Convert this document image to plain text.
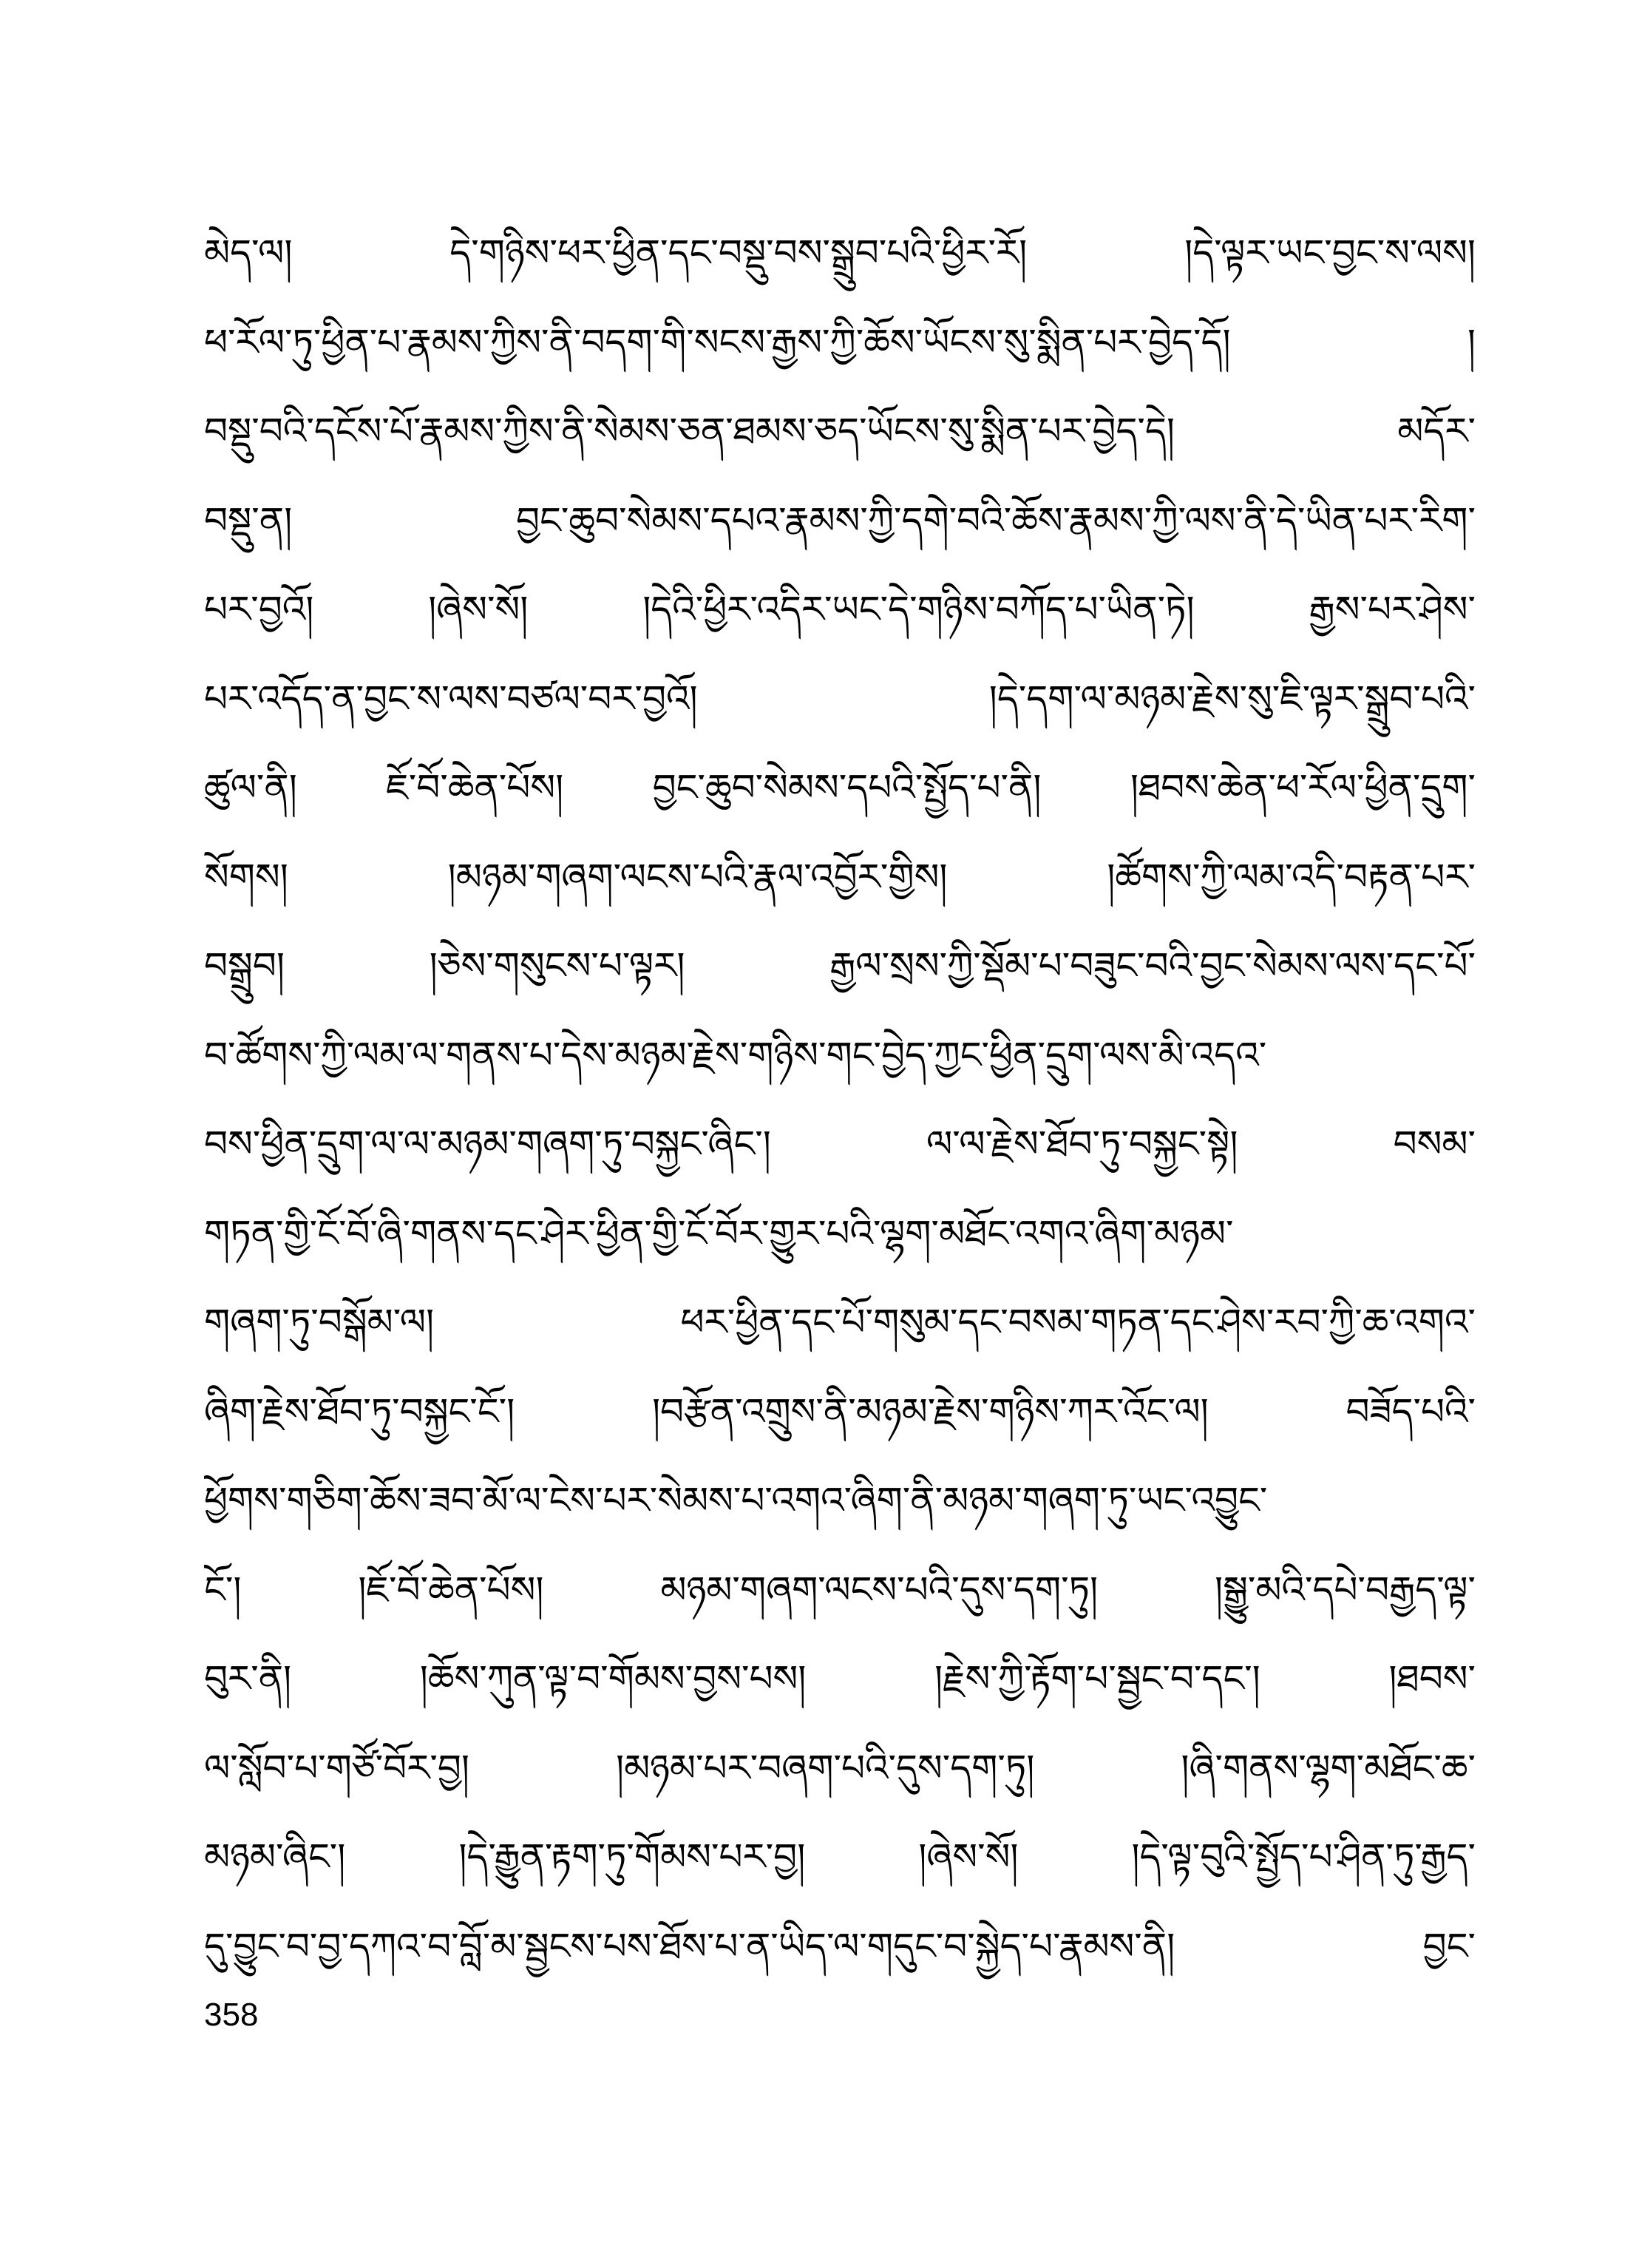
མེད་ལ། དེ་གཉིས་ཕར་ཕྱིན་དང་བསྡུ་བས་སྒྲུབ་པའི་ཕྱིར་རོ། །དེ་ལྟར་ཡང་བྱང་ས་ལས།
ཕ་རོལ་ཏུ་ཕྱིན་པ་རྣམས་ཀྱིས་ནི་བདག་གི་སངས་རྒྱས་ཀྱི་ཆོས་ཡོངས་སུ་སྨིན་པར་བྱེད་དོ། །
བསྡུ་བའི་དངོས་པོ་རྣམས་ཀྱིས་ནི་སེམས་ཅན་ཐམས་ཅད་ཡོངས་སུ་སྨིན་པར་བྱེད་དེ། མདོར་
བསྡུ་ན། བྱང་ཆུབ་སེམས་དཔའ་རྣམས་ཀྱི་དགེ་བའི་ཆོས་རྣམས་ཀྱི་ལས་ནི་དེ་ཡིན་པར་རིག་
པར་བྱའོ། །ཞེས་སོ། །དེའི་ཕྱིར་འདིར་ཡང་དེ་གཉིས་བཀོད་པ་ཡིན་ཏེ། རྒྱས་པར་ཤེས་
པར་འདོད་ན་བྱང་ས་ལས་བཙལ་བར་བྱའོ། །དེ་དག་ལ་མཉམ་རྗེས་སུ་ཇི་ལྟར་སྒྲུབ་པའི་
ཚུལ་ནི། ཇོ་བོ་ཆེན་པོས། བྱང་ཆུབ་སེམས་དཔའི་སྤྱོད་པ་ནི། །ཐབས་ཆེན་ཕ་རོལ་ཕྱིན་དྲུག་
སོགས། །མཉམ་གཞག་ལངས་པའི་རྣལ་འབྱོར་གྱིས། །ཚོགས་ཀྱི་ལམ་འདི་བརྟན་པར་
བསྒྲུབ། །ཅེས་གསུངས་པ་ལྟར། རྒྱལ་སྲས་ཀྱི་སྡོམ་པ་བཟུང་བའི་བྱང་སེམས་ལས་དང་པོ་
བ་ཚོགས་ཀྱི་ལམ་ལ་གནས་པ་དེས་མཉམ་རྗེས་གཉིས་གང་བྱེད་ཀྱང་ཕྱིན་དྲུག་ལས་མི་འདའ་
བས་ཕྱིན་དྲུག་ལ་ལ་མཉམ་གཞག་ཏུ་བསྐྱང་ཞིང་། ལ་ལ་རྗེས་ཐོབ་ཏུ་བསྐྱང་སྟེ། བསམ་
གཏན་གྱི་ངོ་བོ་ཞི་གནས་དང་ཤེར་ཕྱིན་གྱི་ངོ་བོར་གྱུར་པའི་ལྷག་མཐོང་འགའ་ཞིག་མཉམ་
གཞག་ཏུ་བསྒོམ་ལ། ཕར་ཕྱིན་དང་པོ་གསུམ་དང་བསམ་གཏན་དང་ཤེས་རབ་ཀྱི་ཆ་འགའ་
ཞིག་རྗེས་ཐོབ་ཏུ་བསྐྱང་ངོ་། །བརྩོན་འགྲུས་ནི་མཉམ་རྗེས་གཉིས་ཀར་འོང་ལ། བཟོད་པའི་
ཕྱོགས་གཅིག་ཆོས་ཟབ་མོ་ལ་ངེས་པར་སེམས་པ་འགའ་ཞིག་ནི་མཉམ་གཞག་ཏུ་ཡང་འབྱུང་
ངོ་། །ཇོ་བོ་ཆེན་པོས། མཉམ་གཞག་ལངས་པའི་དུས་དག་ཏུ། །སྒྱུ་མའི་དཔེ་བརྒྱད་ལྟ་
བུར་ནི། །ཆོས་ཀུན་ལྟ་བ་གོམས་བྱས་པས། །རྗེས་ཀྱི་རྟོག་པ་སྦྱང་བ་དང་། །ཐབས་
ལ་སློབ་པ་གཙོ་བོར་བྱ། །མཉམ་པར་བཞག་པའི་དུས་དག་ཏུ། །ཞི་གནས་ལྷག་མཐོང་ཆ་
མཉམ་ཞིང་། །དེ་རྒྱུན་རྟག་ཏུ་གོམས་པར་བྱ། །ཞེས་སོ། །དེ་ལྟ་བུའི་སྤྱོད་པ་ཤིན་ཏུ་རྒྱད་
དུ་བྱུང་བ་བྱ་དཀའ་བ་བློ་མ་སྦྱངས་པས་ཐོས་པ་ན་ཡིད་ལ་གདུང་བ་སྐྱེད་པ་རྣམས་ནི། བྱང་
358
